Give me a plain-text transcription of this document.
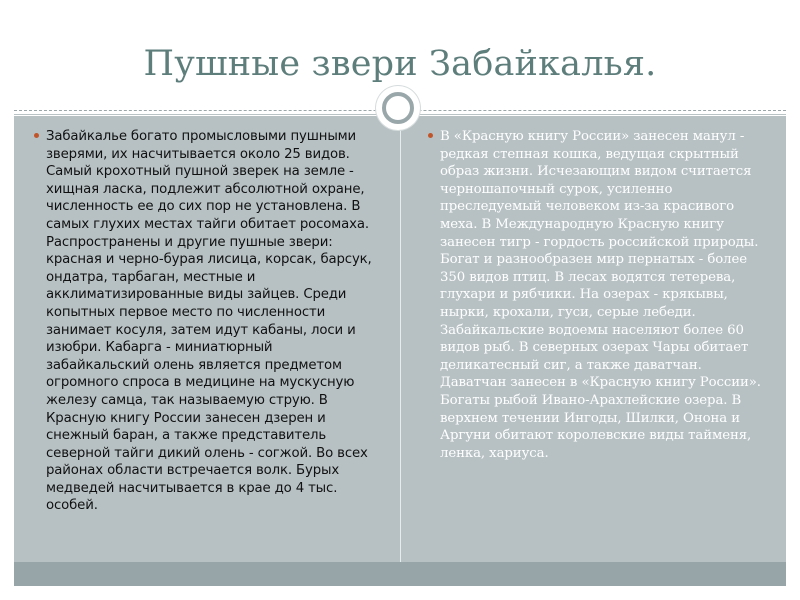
Пушные звери Забайкалья.
Забайкалье богато промысловыми пушными зверями, их насчитывается около 25 видов. Самый крохотный пушной зверек на земле - хищная ласка, подлежит абсолютной охране, численность ее до сих пор не установлена. В самых глухих местах тайги обитает росомаха. Распространены и другие пушные звери: красная и черно-бурая лисица, корсак, барсук, ондатра, тарбаган, местные и акклиматизированные виды зайцев. Среди копытных первое место по численности занимает косуля, затем идут кабаны, лоси и изюбри. Кабарга - миниатюрный забайкальский олень является предметом огромного спроса в медицине на мускусную железу самца, так называемую струю. В Красную книгу России занесен дзерен и снежный баран, а также представитель северной тайги дикий олень - согжой. Во всех районах области встречается волк. Бурых медведей насчитывается в крае до 4 тыс. особей.
В «Красную книгу России» занесен манул - редкая степная кошка, ведущая скрытный образ жизни. Исчезающим видом считается черношапочный сурок, усиленно преследуемый человеком из-за красивого меха. В Международную Красную книгу занесен тигр - гордость российской природы. Богат и разнообразен мир пернатых - более 350 видов птиц. В лесах водятся тетерева, глухари и рябчики. На озерах - крякывы, нырки, крохали, гуси, серые лебеди. Забайкальские водоемы населяют более 60 видов рыб. В северных озерах Чары обитает деликатесный сиг, а также даватчан. Даватчан занесен в «Красную книгу России». Богаты рыбой Ивано-Арахлейские озера. В верхнем течении Ингоды, Шилки, Онона и Аргуни обитают королевские виды тайменя, ленка, хариуса.
